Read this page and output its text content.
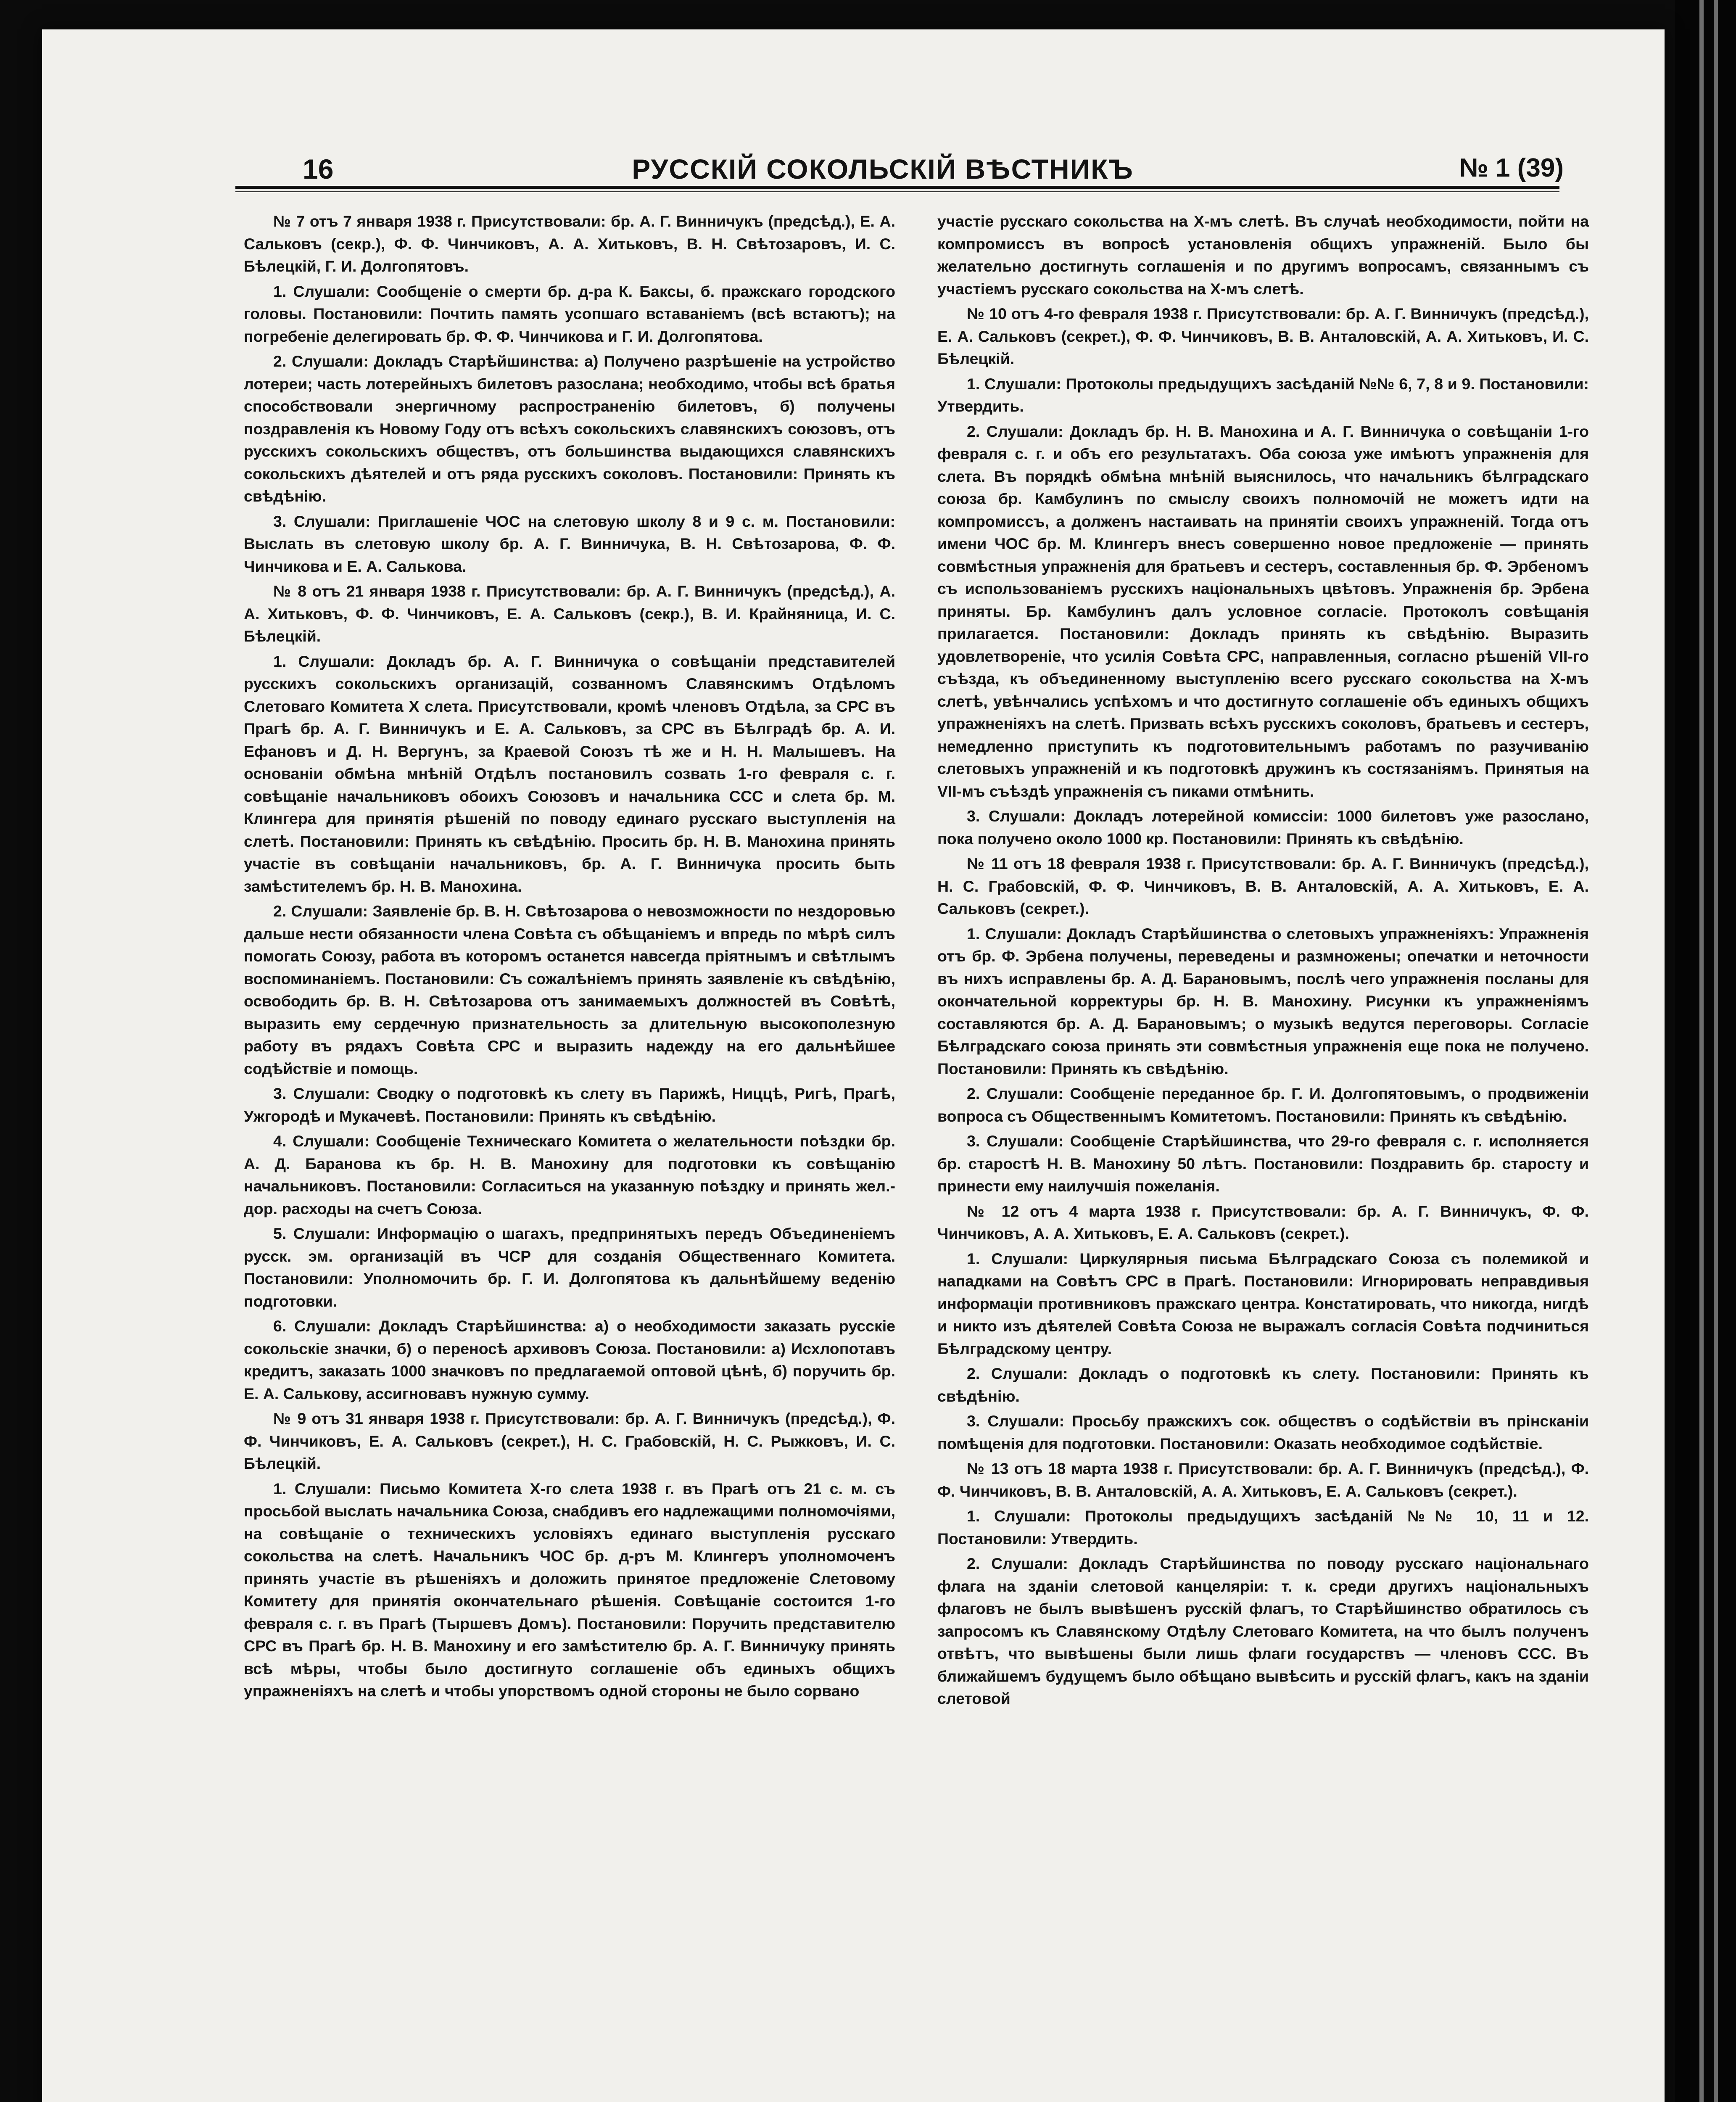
16	РУССКІЙ СОКОЛЬСКІЙ ВѢСТНИКЪ	№ 1 (39)

№ 7 отъ 7 января 1938 г. Присутствовали: бр. А. Г. Винничукъ (предсѣд.), Е. А. Сальковъ (секр.), Ф. Ф. Чинчиковъ, А. А. Хитьковъ, В. Н. Свѣтозаровъ, И. С. Бѣлецкій, Г. И. Долгопятовъ.

1. Слушали: Сообщеніе о смерти бр. д-ра К. Баксы, б. пражскаго городского головы. Постановили: Почтить память усопшаго вставаніемъ (всѣ встаютъ); на погребеніе делегировать бр. Ф. Ф. Чинчикова и Г. И. Долгопятова.

2. Слушали: Докладъ Старѣйшинства: а) Получено разрѣшеніе на устройство лотереи; часть лотерейныхъ билетовъ разослана; необходимо, чтобы всѣ братья способствовали энергичному распространенію билетовъ, б) получены поздравленія къ Новому Году отъ всѣхъ сокольскихъ славянскихъ союзовъ, отъ русскихъ сокольскихъ обществъ, отъ большинства выдающихся славянскихъ сокольскихъ дѣятелей и отъ ряда русскихъ соколовъ. Постановили: Принять къ свѣдѣнію.

3. Слушали: Приглашеніе ЧОС на слетовую школу 8 и 9 с. м. Постановили: Выслать въ слетовую школу бр. А. Г. Винничука, В. Н. Свѣтозарова, Ф. Ф. Чинчикова и Е. А. Салькова.

№ 8 отъ 21 января 1938 г. Присутствовали: бр. А. Г. Винничукъ (предсѣд.), А. А. Хитьковъ, Ф. Ф. Чинчиковъ, Е. А. Сальковъ (секр.), В. И. Крайняница, И. С. Бѣлецкій.

1. Слушали: Докладъ бр. А. Г. Винничука о совѣщаніи представителей русскихъ сокольскихъ организацій, созванномъ Славянскимъ Отдѣломъ Слетоваго Комитета X слета. Присутствовали, кромѣ членовъ Отдѣла, за СРС въ Прагѣ бр. А. Г. Винничукъ и Е. А. Сальковъ, за СРС въ Бѣлградѣ бр. А. И. Ефановъ и Д. Н. Вергунъ, за Краевой Союзъ тѣ же и Н. Н. Малышевъ. На основаніи обмѣна мнѣній Отдѣлъ постановилъ созвать 1-го февраля с. г. совѣщаніе начальниковъ обоихъ Союзовъ и начальника ССС и слета бр. М. Клингера для принятія рѣшеній по поводу единаго русскаго выступленія на слетѣ. Постановили: Принять къ свѣдѣнію. Просить бр. Н. В. Манохина принять участіе въ совѣщаніи начальниковъ, бр. А. Г. Винничука просить быть замѣстителемъ бр. Н. В. Манохина.

2. Слушали: Заявленіе бр. В. Н. Свѣтозарова о невозможности по нездоровью дальше нести обязанности члена Совѣта съ обѣщаніемъ и впредь по мѣрѣ силъ помогать Союзу, работа въ которомъ останется навсегда пріятнымъ и свѣтлымъ воспоминаніемъ. Постановили: Съ сожалѣніемъ принять заявленіе къ свѣдѣнію, освободить бр. В. Н. Свѣтозарова отъ занимаемыхъ должностей въ Совѣтѣ, выразить ему сердечную признательность за длительную высокополезную работу въ рядахъ Совѣта СРС и выразить надежду на его дальнѣйшее содѣйствіе и помощь.

3. Слушали: Сводку о подготовкѣ къ слету въ Парижѣ, Ниццѣ, Ригѣ, Прагѣ, Ужгородѣ и Мукачевѣ. Постановили: Принять къ свѣдѣнію.

4. Слушали: Сообщеніе Техническаго Комитета о желательности поѣздки бр. А. Д. Баранова къ бр. Н. В. Манохину для подготовки къ совѣщанію начальниковъ. Постановили: Согласиться на указанную поѣздку и принять жел.-дор. расходы на счетъ Союза.

5. Слушали: Информацію о шагахъ, предпринятыхъ передъ Объединеніемъ русск. эм. организацій въ ЧСР для созданія Общественнаго Комитета. Постановили: Уполномочить бр. Г. И. Долгопятова къ дальнѣйшему веденію подготовки.

6. Слушали: Докладъ Старѣйшинства: а) о необходимости заказать русскіе сокольскіе значки, б) о переносѣ архивовъ Союза. Постановили: а) Исхлопотавъ кредитъ, заказать 1000 значковъ по предлагаемой оптовой цѣнѣ, б) поручить бр. Е. А. Салькову, ассигновавъ нужную сумму.

№ 9 отъ 31 января 1938 г. Присутствовали: бр. А. Г. Винничукъ (предсѣд.), Ф. Ф. Чинчиковъ, Е. А. Сальковъ (секрет.), Н. С. Грабовскій, Н. С. Рыжковъ, И. С. Бѣлецкій.

1. Слушали: Письмо Комитета X-го слета 1938 г. въ Прагѣ отъ 21 с. м. съ просьбой выслать начальника Союза, снабдивъ его надлежащими полномочіями, на совѣщаніе о техническихъ условіяхъ единаго выступленія русскаго сокольства на слетѣ. Начальникъ ЧОС бр. д-ръ М. Клингеръ уполномоченъ принять участіе въ рѣшеніяхъ и доложить принятое предложеніе Слетовому Комитету для принятія окончательнаго рѣшенія. Совѣщаніе состоится 1-го февраля с. г. въ Прагѣ (Тыршевъ Домъ). Постановили: Поручить представителю СРС въ Прагѣ бр. Н. В. Манохину и его замѣстителю бр. А. Г. Винничуку принять всѣ мѣры, чтобы было достигнуто соглашеніе объ единыхъ общихъ упражненіяхъ на слетѣ и чтобы упорствомъ одной стороны не было сорвано

участіе русскаго сокольства на X-мъ слетѣ. Въ случаѣ необходимости, пойти на компромиссъ въ вопросѣ установленія общихъ упражненій. Было бы желательно достигнуть соглашенія и по другимъ вопросамъ, связаннымъ съ участіемъ русскаго сокольства на X-мъ слетѣ.

№ 10 отъ 4-го февраля 1938 г. Присутствовали: бр. А. Г. Винничукъ (предсѣд.), Е. А. Сальковъ (секрет.), Ф. Ф. Чинчиковъ, В. В. Анталовскій, А. А. Хитьковъ, И. С. Бѣлецкій.

1. Слушали: Протоколы предыдущихъ засѣданій №№ 6, 7, 8 и 9. Постановили: Утвердить.

2. Слушали: Докладъ бр. Н. В. Манохина и А. Г. Винничука о совѣщаніи 1-го февраля с. г. и объ его результатахъ. Оба союза уже имѣютъ упражненія для слета. Въ порядкѣ обмѣна мнѣній выяснилось, что начальникъ бѣлградскаго союза бр. Камбулинъ по смыслу своихъ полномочій не можетъ идти на компромиссъ, а долженъ настаивать на принятіи своихъ упражненій. Тогда отъ имени ЧОС бр. М. Клингеръ внесъ совершенно новое предложеніе — принять совмѣстныя упражненія для братьевъ и сестеръ, составленныя бр. Ф. Эрбеномъ съ использованіемъ русскихъ національныхъ цвѣтовъ. Упражненія бр. Эрбена приняты. Бр. Камбулинъ далъ условное согласіе. Протоколъ совѣщанія прилагается. Постановили: Докладъ принять къ свѣдѣнію. Выразить удовлетвореніе, что усилія Совѣта СРС, направленныя, согласно рѣшеній VII-го съѣзда, къ объединенному выступленію всего русскаго сокольства на X-мъ слетѣ, увѣнчались успѣхомъ и что достигнуто соглашеніе объ единыхъ общихъ упражненіяхъ на слетѣ. Призвать всѣхъ русскихъ соколовъ, братьевъ и сестеръ, немедленно приступить къ подготовительнымъ работамъ по разучиванію слетовыхъ упражненій и къ подготовкѣ дружинъ къ состязаніямъ. Принятыя на VII-мъ съѣздѣ упражненія съ пиками отмѣнить.

3. Слушали: Докладъ лотерейной комиссіи: 1000 билетовъ уже разослано, пока получено около 1000 кр. Постановили: Принять къ свѣдѣнію.

№ 11 отъ 18 февраля 1938 г. Присутствовали: бр. А. Г. Винничукъ (предсѣд.), Н. С. Грабовскій, Ф. Ф. Чинчиковъ, В. В. Анталовскій, А. А. Хитьковъ, Е. А. Сальковъ (секрет.).

1. Слушали: Докладъ Старѣйшинства о слетовыхъ упражненіяхъ: Упражненія отъ бр. Ф. Эрбена получены, переведены и размножены; опечатки и неточности въ нихъ исправлены бр. А. Д. Барановымъ, послѣ чего упражненія посланы для окончательной корректуры бр. Н. В. Манохину. Рисунки къ упражненіямъ составляются бр. А. Д. Барановымъ; о музыкѣ ведутся переговоры. Согласіе Бѣлградскаго союза принять эти совмѣстныя упражненія еще пока не получено. Постановили: Принять къ свѣдѣнію.

2. Слушали: Сообщеніе переданное бр. Г. И. Долгопятовымъ, о продвиженіи вопроса съ Общественнымъ Комитетомъ. Постановили: Принять къ свѣдѣнію.

3. Слушали: Сообщеніе Старѣйшинства, что 29-го февраля с. г. исполняется бр. старостѣ Н. В. Манохину 50 лѣтъ. Постановили: Поздравить бр. старосту и принести ему наилучшія пожеланія.

№ 12 отъ 4 марта 1938 г. Присутствовали: бр. А. Г. Винничукъ, Ф. Ф. Чинчиковъ, А. А. Хитьковъ, Е. А. Сальковъ (секрет.).

1. Слушали: Циркулярныя письма Бѣлградскаго Союза съ полемикой и нападками на Совѣтъ СРС в Прагѣ. Постановили: Игнорировать неправдивыя информаціи противниковъ пражскаго центра. Констатировать, что никогда, нигдѣ и никто изъ дѣятелей Совѣта Союза не выражалъ согласія Совѣта подчиниться Бѣлградскому центру.

2. Слушали: Докладъ о подготовкѣ къ слету. Постановили: Принять къ свѣдѣнію.

3. Слушали: Просьбу пражскихъ сок. обществъ о содѣйствіи въ прінсканіи помѣщенія для подготовки. Постановили: Оказать необходимое содѣйствіе.

№ 13 отъ 18 марта 1938 г. Присутствовали: бр. А. Г. Винничукъ (предсѣд.), Ф. Ф. Чинчиковъ, В. В. Анталовскій, А. А. Хитьковъ, Е. А. Сальковъ (секрет.).

1. Слушали: Протоколы предыдущихъ засѣданій №№ 10, 11 и 12. Постановили: Утвердить.

2. Слушали: Докладъ Старѣйшинства по поводу русскаго національнаго флага на зданіи слетовой канцеляріи: т. к. среди другихъ національныхъ флаговъ не былъ вывѣшенъ русскій флагъ, то Старѣйшинство обратилось съ запросомъ къ Славянскому Отдѣлу Слетоваго Комитета, на что былъ полученъ отвѣтъ, что вывѣшены были лишь флаги государствъ — членовъ ССС. Въ ближайшемъ будущемъ было обѣщано вывѣсить и русскій флагъ, какъ на зданіи слетовой
